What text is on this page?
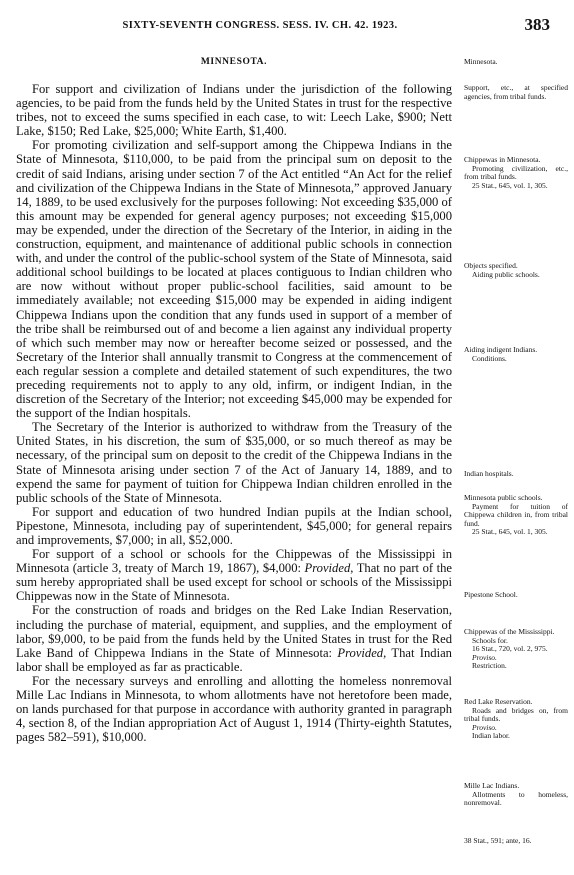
SIXTY-SEVENTH CONGRESS. SESS. IV. CH. 42. 1923.	383
MINNESOTA.

For support and civilization of Indians under the jurisdiction of the following agencies, to be paid from the funds held by the United States in trust for the respective tribes, not to exceed the sums specified in each case, to wit: Leech Lake, $900; Nett Lake, $150; Red Lake, $25,000; White Earth, $1,400.

For promoting civilization and self-support among the Chippewa Indians in the State of Minnesota, $110,000, to be paid from the principal sum on deposit to the credit of said Indians, arising under section 7 of the Act entitled “An Act for the relief and civilization of the Chippewa Indians in the State of Minnesota,” approved January 14, 1889, to be used exclusively for the purposes following: Not exceeding $35,000 of this amount may be expended for general agency purposes; not exceeding $15,000 may be expended, under the direction of the Secretary of the Interior, in aiding in the construction, equipment, and maintenance of additional public schools in connection with, and under the control of the public-school system of the State of Minnesota, said additional school buildings to be located at places contiguous to Indian children who are now without without proper public-school facilities, said amount to be immediately available; not exceeding $15,000 may be expended in aiding indigent Chippewa Indians upon the condition that any funds used in support of a member of the tribe shall be reimbursed out of and become a lien against any individual property of which such member may now or hereafter become seized or possessed, and the Secretary of the Interior shall annually transmit to Congress at the commencement of each regular session a complete and detailed statement of such expenditures, the two preceding requirements not to apply to any old, infirm, or indigent Indian, in the discretion of the Secretary of the Interior; not exceeding $45,000 may be expended for the support of the Indian hospitals.

The Secretary of the Interior is authorized to withdraw from the Treasury of the United States, in his discretion, the sum of $35,000, or so much thereof as may be necessary, of the principal sum on deposit to the credit of the Chippewa Indians in the State of Minnesota arising under section 7 of the Act of January 14, 1889, and to expend the same for payment of tuition for Chippewa Indian children enrolled in the public schools of the State of Minnesota.

For support and education of two hundred Indian pupils at the Indian school, Pipestone, Minnesota, including pay of superintendent, $45,000; for general repairs and improvements, $7,000; in all, $52,000.

For support of a school or schools for the Chippewas of the Mississippi in Minnesota (article 3, treaty of March 19, 1867), $4,000: Provided, That no part of the sum hereby appropriated shall be used except for school or schools of the Mississippi Chippewas now in the State of Minnesota.

For the construction of roads and bridges on the Red Lake Indian Reservation, including the purchase of material, equipment, and supplies, and the employment of labor, $9,000, to be paid from the funds held by the United States in trust for the Red Lake Band of Chippewa Indians in the State of Minnesota: Provided, That Indian labor shall be employed as far as practicable.

For the necessary surveys and enrolling and allotting the homeless nonremoval Mille Lac Indians in Minnesota, to whom allotments have not heretofore been made, on lands purchased for that purpose in accordance with authority granted in paragraph 4, section 8, of the Indian appropriation Act of August 1, 1914 (Thirty-eighth Statutes, pages 582–591), $10,000.

Minnesota.
Support, etc., at specified agencies, from tribal funds.
Chippewas in Minnesota.
Promoting civilization, etc., from tribal funds.
25 Stat., 645, vol. 1, 305.
Objects specified.
Aiding public schools.
Aiding indigent Indians.
Conditions.
Indian hospitals.
Minnesota public schools.
Payment for tuition of Chippewa children in, from tribal fund.
25 Stat., 645, vol. 1, 305.
Pipestone School.
Chippewas of the Mississippi.
Schools for.
16 Stat., 720, vol. 2, 975.
Proviso.
Restriction.
Red Lake Reservation.
Roads and bridges on, from tribal funds.
Proviso.
Indian labor.
Mille Lac Indians.
Allotments to homeless, nonremoval.
38 Stat., 591; ante, 16.
